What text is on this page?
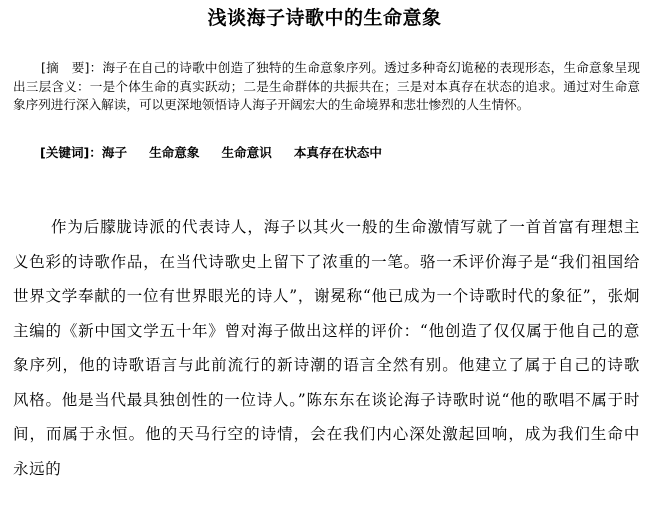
浅谈海子诗歌中的生命意象

[摘　要]：海子在自己的诗歌中创造了独特的生命意象序列。透过多种奇幻诡秘的表现形态，生命意象呈现出三层含义：一是个体生命的真实跃动；二是生命群体的共振共在；三是对本真存在状态的追求。通过对生命意象序列进行深入解读，可以更深地领悟诗人海子开阔宏大的生命境界和悲壮惨烈的人生情怀。

[关键词]：海子 生命意象 生命意识 本真存在状态中

作为后朦胧诗派的代表诗人，海子以其火一般的生命激情写就了一首首富有理想主义色彩的诗歌作品，在当代诗歌史上留下了浓重的一笔。骆一禾评价海子是“我们祖国给世界文学奉献的一位有世界眼光的诗人”，谢冕称“他已成为一个诗歌时代的象征”，张炯主编的《新中国文学五十年》曾对海子做出这样的评价：“他创造了仅仅属于他自己的意象序列，他的诗歌语言与此前流行的新诗潮的语言全然有别。他建立了属于自己的诗歌风格。他是当代最具独创性的一位诗人。”陈东东在谈论海子诗歌时说“他的歌唱不属于时间，而属于永恒。他的天马行空的诗情，会在我们内心深处激起回响，成为我们生命中永远的
